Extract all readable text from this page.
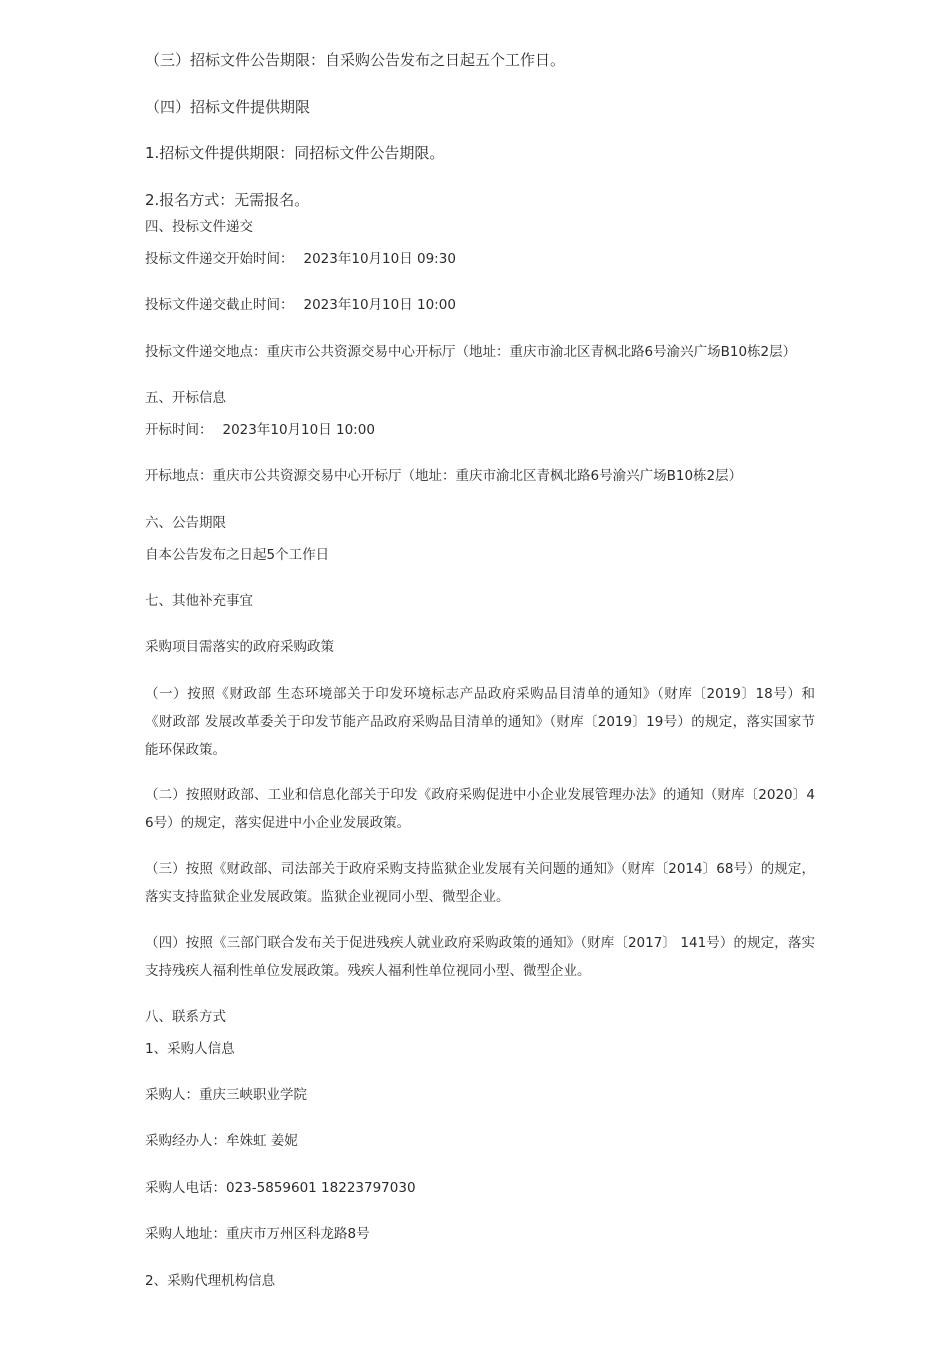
（三）招标文件公告期限：自采购公告发布之日起五个工作日。
（四）招标文件提供期限
1.招标文件提供期限：同招标文件公告期限。
2.报名方式：无需报名。
四、投标文件递交
投标文件递交开始时间： 2023年10月10日 09:30
投标文件递交截止时间： 2023年10月10日 10:00
投标文件递交地点：重庆市公共资源交易中心开标厅（地址：重庆市渝北区青枫北路6号渝兴广场B10栋2层）
五、开标信息
开标时间： 2023年10月10日 10:00
开标地点：重庆市公共资源交易中心开标厅（地址：重庆市渝北区青枫北路6号渝兴广场B10栋2层）
六、公告期限
自本公告发布之日起5个工作日
七、其他补充事宜
采购项目需落实的政府采购政策
（一）按照《财政部 生态环境部关于印发环境标志产品政府采购品目清单的通知》（财库〔2019〕18号）和《财政部 发展改革委关于印发节能产品政府采购品目清单的通知》（财库〔2019〕19号）的规定，落实国家节能环保政策。
（二）按照财政部、工业和信息化部关于印发《政府采购促进中小企业发展管理办法》的通知（财库〔2020〕46号）的规定，落实促进中小企业发展政策。
（三）按照《财政部、司法部关于政府采购支持监狱企业发展有关问题的通知》（财库〔2014〕68号）的规定，落实支持监狱企业发展政策。监狱企业视同小型、微型企业。
（四）按照《三部门联合发布关于促进残疾人就业政府采购政策的通知》（财库〔2017〕 141号）的规定，落实支持残疾人福利性单位发展政策。残疾人福利性单位视同小型、微型企业。
八、联系方式
1、采购人信息
采购人：重庆三峡职业学院
采购经办人：牟姝虹 姜妮
采购人电话：023-5859601 18223797030
采购人地址：重庆市万州区科龙路8号
2、采购代理机构信息
